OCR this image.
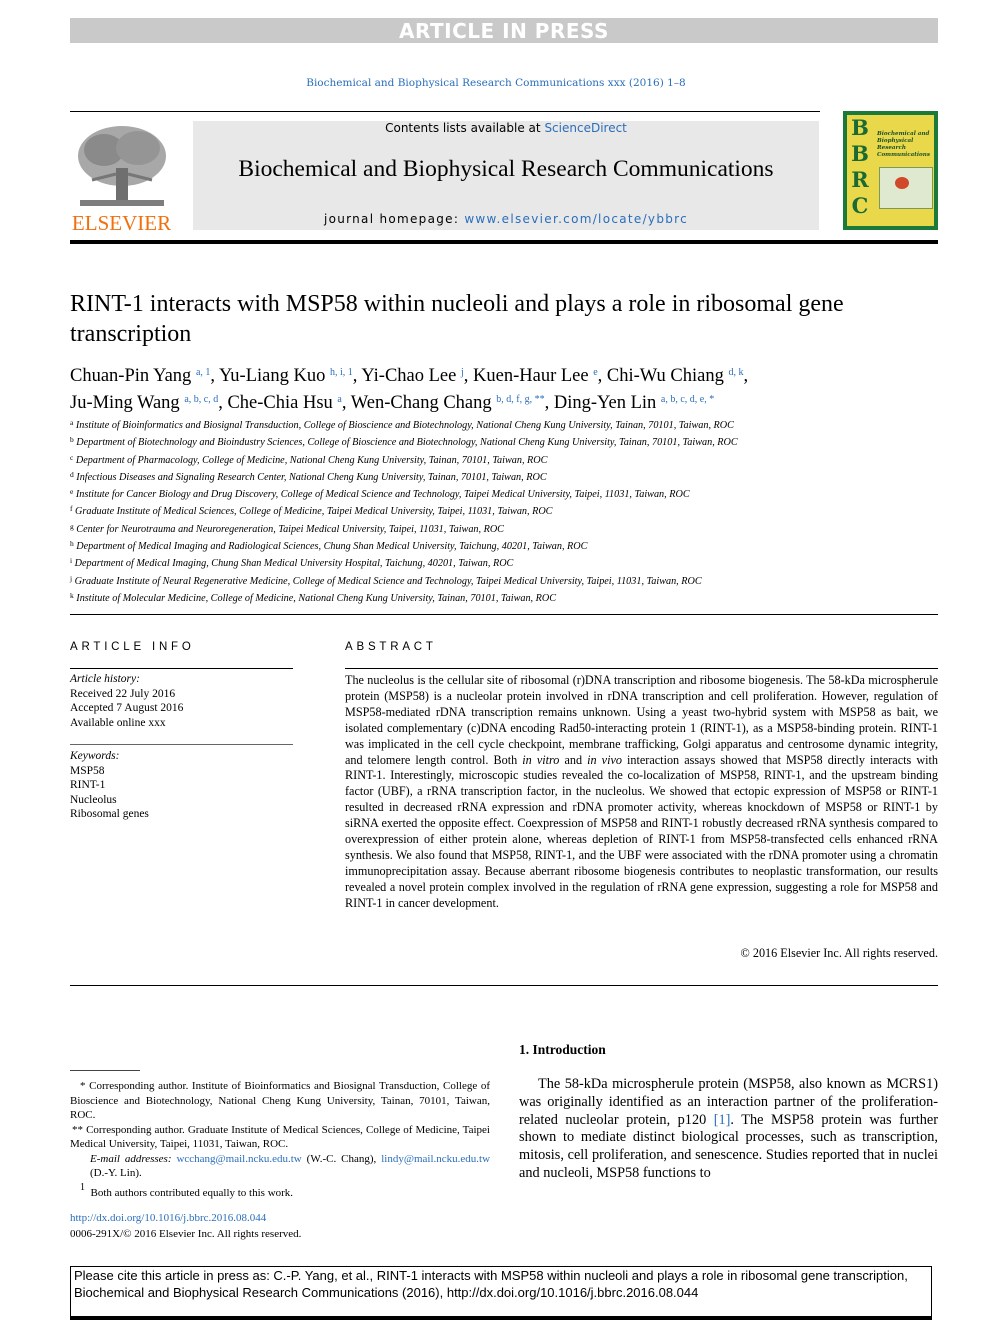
ARTICLE IN PRESS
Biochemical and Biophysical Research Communications xxx (2016) 1–8
ELSEVIER
Contents lists available at ScienceDirect
Biochemical and Biophysical Research Communications
journal homepage: www.elsevier.com/locate/ybbrc
B
B
R
C
Biochemical and Biophysical Research Communications
RINT-1 interacts with MSP58 within nucleoli and plays a role in ribosomal gene transcription
Chuan-Pin Yang $^{a, 1}$, Yu-Liang Kuo $^{h, i, 1}$, Yi-Chao Lee $^j$, Kuen-Haur Lee $^e$, Chi-Wu Chiang $^{d, k}$,
Ju-Ming Wang $^{a, b, c, d}$, Che-Chia Hsu $^a$, Wen-Chang Chang $^{b, d, f, g, **}$, Ding-Yen Lin $^{a, b, c, d, e, *}$
$^a$ Institute of Bioinformatics and Biosignal Transduction, College of Bioscience and Biotechnology, National Cheng Kung University, Tainan, 70101, Taiwan, ROC
$^b$ Department of Biotechnology and Bioindustry Sciences, College of Bioscience and Biotechnology, National Cheng Kung University, Tainan, 70101, Taiwan, ROC
$^c$ Department of Pharmacology, College of Medicine, National Cheng Kung University, Tainan, 70101, Taiwan, ROC
$^d$ Infectious Diseases and Signaling Research Center, National Cheng Kung University, Tainan, 70101, Taiwan, ROC
$^e$ Institute for Cancer Biology and Drug Discovery, College of Medical Science and Technology, Taipei Medical University, Taipei, 11031, Taiwan, ROC
$^f$ Graduate Institute of Medical Sciences, College of Medicine, Taipei Medical University, Taipei, 11031, Taiwan, ROC
$^g$ Center for Neurotrauma and Neuroregeneration, Taipei Medical University, Taipei, 11031, Taiwan, ROC
$^h$ Department of Medical Imaging and Radiological Sciences, Chung Shan Medical University, Taichung, 40201, Taiwan, ROC
$^i$ Department of Medical Imaging, Chung Shan Medical University Hospital, Taichung, 40201, Taiwan, ROC
$^j$ Graduate Institute of Neural Regenerative Medicine, College of Medical Science and Technology, Taipei Medical University, Taipei, 11031, Taiwan, ROC
$^k$ Institute of Molecular Medicine, College of Medicine, National Cheng Kung University, Tainan, 70101, Taiwan, ROC
ARTICLE INFO
Article history:
Received 22 July 2016
Accepted 7 August 2016
Available online xxx
Keywords:
MSP58
RINT-1
Nucleolus
Ribosomal genes
ABSTRACT
The nucleolus is the cellular site of ribosomal (r)DNA transcription and ribosome biogenesis. The 58-kDa microspherule protein (MSP58) is a nucleolar protein involved in rDNA transcription and cell proliferation. However, regulation of MSP58-mediated rDNA transcription remains unknown. Using a yeast two-hybrid system with MSP58 as bait, we isolated complementary (c)DNA encoding Rad50-interacting protein 1 (RINT-1), as a MSP58-binding protein. RINT-1 was implicated in the cell cycle checkpoint, membrane trafficking, Golgi apparatus and centrosome dynamic integrity, and telomere length control. Both in vitro and in vivo interaction assays showed that MSP58 directly interacts with RINT-1. Interestingly, microscopic studies revealed the co-localization of MSP58, RINT-1, and the upstream binding factor (UBF), a rRNA transcription factor, in the nucleolus. We showed that ectopic expression of MSP58 or RINT-1 resulted in decreased rRNA expression and rDNA promoter activity, whereas knockdown of MSP58 or RINT-1 by siRNA exerted the opposite effect. Coexpression of MSP58 and RINT-1 robustly decreased rRNA synthesis compared to overexpression of either protein alone, whereas depletion of RINT-1 from MSP58-transfected cells enhanced rRNA synthesis. We also found that MSP58, RINT-1, and the UBF were associated with the rDNA promoter using a chromatin immunoprecipitation assay. Because aberrant ribosome biogenesis contributes to neoplastic transformation, our results revealed a novel protein complex involved in the regulation of rRNA gene expression, suggesting a role for MSP58 and RINT-1 in cancer development.
© 2016 Elsevier Inc. All rights reserved.
1. Introduction
The 58-kDa microspherule protein (MSP58, also known as MCRS1) was originally identified as an interaction partner of the proliferation-related nucleolar protein, p120 [1]. The MSP58 protein was further shown to mediate distinct biological processes, such as transcription, mitosis, cell proliferation, and senescence. Studies reported that in nuclei and nucleoli, MSP58 functions to
* Corresponding author. Institute of Bioinformatics and Biosignal Transduction, College of Bioscience and Biotechnology, National Cheng Kung University, Tainan, 70101, Taiwan, ROC.
** Corresponding author. Graduate Institute of Medical Sciences, College of Medicine, Taipei Medical University, Taipei, 11031, Taiwan, ROC.
E-mail addresses: wcchang@mail.ncku.edu.tw (W.-C. Chang), lindy@mail.ncku.edu.tw (D.-Y. Lin).
$^1$ Both authors contributed equally to this work.
http://dx.doi.org/10.1016/j.bbrc.2016.08.044
0006-291X/© 2016 Elsevier Inc. All rights reserved.
Please cite this article in press as: C.-P. Yang, et al., RINT-1 interacts with MSP58 within nucleoli and plays a role in ribosomal gene transcription, Biochemical and Biophysical Research Communications (2016), http://dx.doi.org/10.1016/j.bbrc.2016.08.044
